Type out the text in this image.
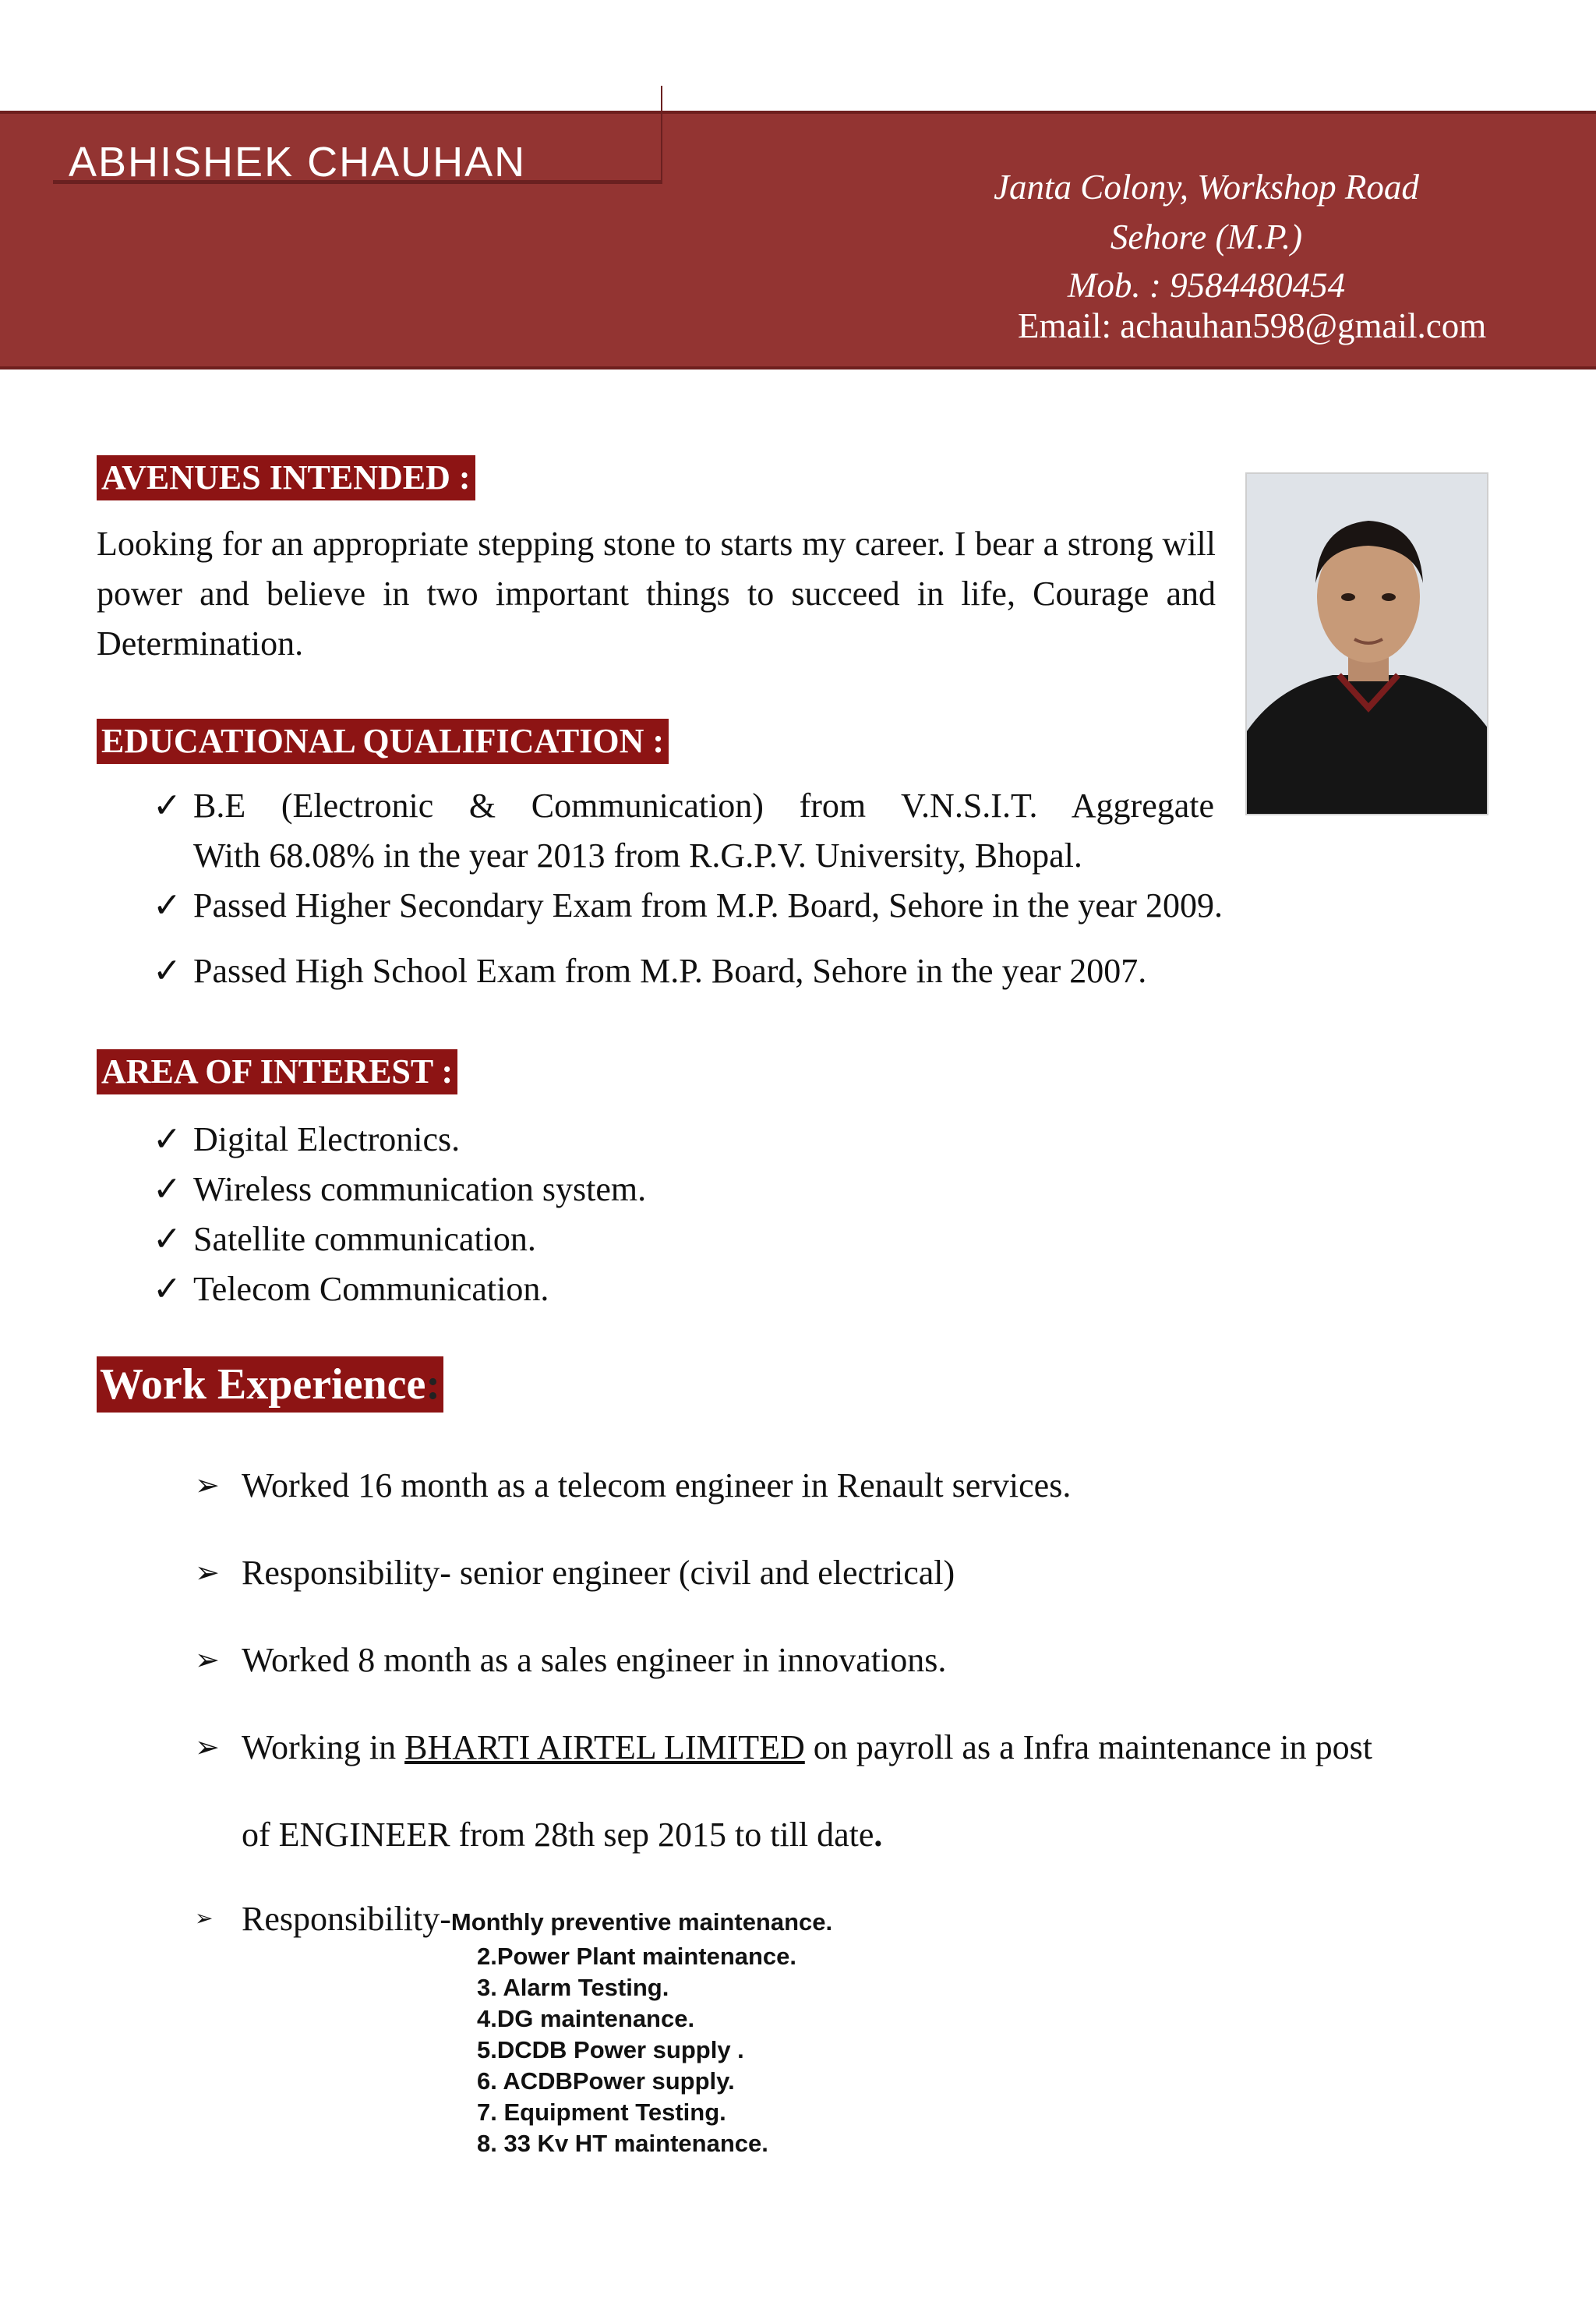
ABHISHEK CHAUHAN
Janta Colony, Workshop Road
Sehore (M.P.)
Mob. : 9584480454
Email: achauhan598@gmail.com
AVENUES INTENDED :
Looking for an appropriate stepping stone to starts my career. I bear a strong will power and believe in two important things to succeed in life, Courage and Determination.
EDUCATIONAL QUALIFICATION :
✓ B.E (Electronic & Communication) from V.N.S.I.T. Aggregate
With 68.08% in the year 2013 from R.G.P.V. University, Bhopal.
✓ Passed Higher Secondary Exam from M.P. Board, Sehore in the year 2009.
✓ Passed High School Exam from M.P. Board, Sehore in the year 2007.
AREA OF INTEREST :
✓ Digital Electronics.
✓ Wireless communication system.
✓ Satellite communication.
✓ Telecom Communication.
Work Experience:
➢ Worked 16 month as a telecom engineer in Renault services.
➢ Responsibility- senior engineer (civil and electrical)
➢ Worked 8 month as a sales engineer in innovations.
➢ Working in BHARTI AIRTEL LIMITED on payroll as a Infra maintenance in post
of ENGINEER from 28th sep 2015 to till date.
➢ Responsibility-Monthly preventive maintenance.
2.Power Plant maintenance.
3. Alarm Testing.
4.DG maintenance.
5.DCDB Power supply .
6. ACDBPower supply.
7. Equipment Testing.
8. 33 Kv HT maintenance.
